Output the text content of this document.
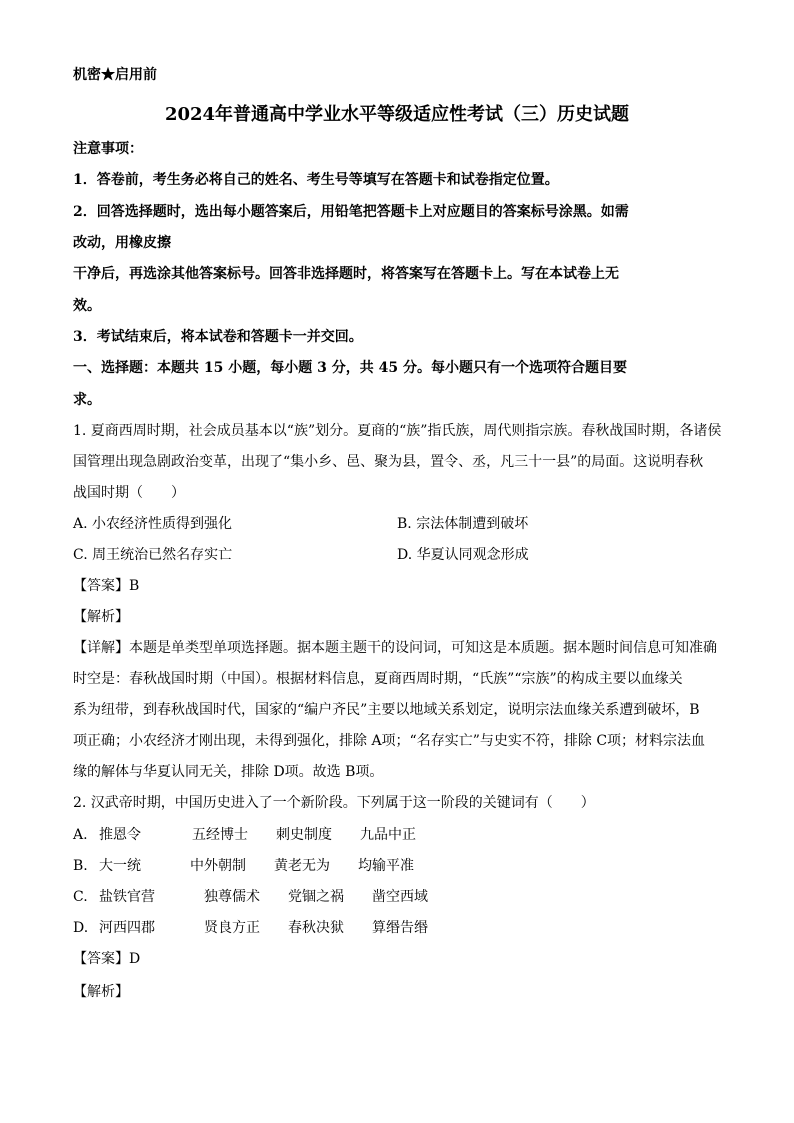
机密★启用前

2024年普通高中学业水平等级适应性考试（三）历史试题

注意事项：

1．答卷前，考生务必将自己的姓名、考生号等填写在答题卡和试卷指定位置。

2．回答选择题时，选出每小题答案后，用铅笔把答题卡上对应题目的答案标号涂黑。如需

改动，用橡皮擦

干净后，再选涂其他答案标号。回答非选择题时，将答案写在答题卡上。写在本试卷上无

效。

3．考试结束后，将本试卷和答题卡一并交回。

一、选择题：本题共 15 小题，每小题 3 分，共 45 分。每小题只有一个选项符合题目要

求。

1. 夏商西周时期，社会成员基本以“族”划分。夏商的“族”指氏族，周代则指宗族。春秋战国时期，各诸侯

国管理出现急剧政治变革，出现了“集小乡、邑、聚为县，置令、丞，凡三十一县”的局面。这说明春秋

战国时期（　　）

A. 小农经济性质得到强化	B. 宗法体制遭到破坏

C. 周王统治已然名存实亡	D. 华夏认同观念形成

【答案】B

【解析】

【详解】本题是单类型单项选择题。据本题主题干的设问词，可知这是本质题。据本题时间信息可知准确

时空是：春秋战国时期（中国）。根据材料信息，夏商西周时期，“氏族”“宗族”的构成主要以血缘关

系为纽带，到春秋战国时代，国家的“编户齐民”主要以地域关系划定，说明宗法血缘关系遭到破坏，B

项正确；小农经济才刚出现，未得到强化，排除 A项；“名存实亡”与史实不符，排除 C项；材料宗法血

缘的解体与华夏认同无关，排除 D项。故选 B项。

2. 汉武帝时期，中国历史进入了一个新阶段。下列属于这一阶段的关键词有（　　）

A. 推恩令	五经博士 刺史制度 九品中正

B. 大一统	中外朝制 黄老无为 均输平准

C. 盐铁官营	独尊儒术 党锢之祸 凿空西域

D. 河西四郡	贤良方正 春秋决狱 算缗告缗

【答案】D

【解析】
